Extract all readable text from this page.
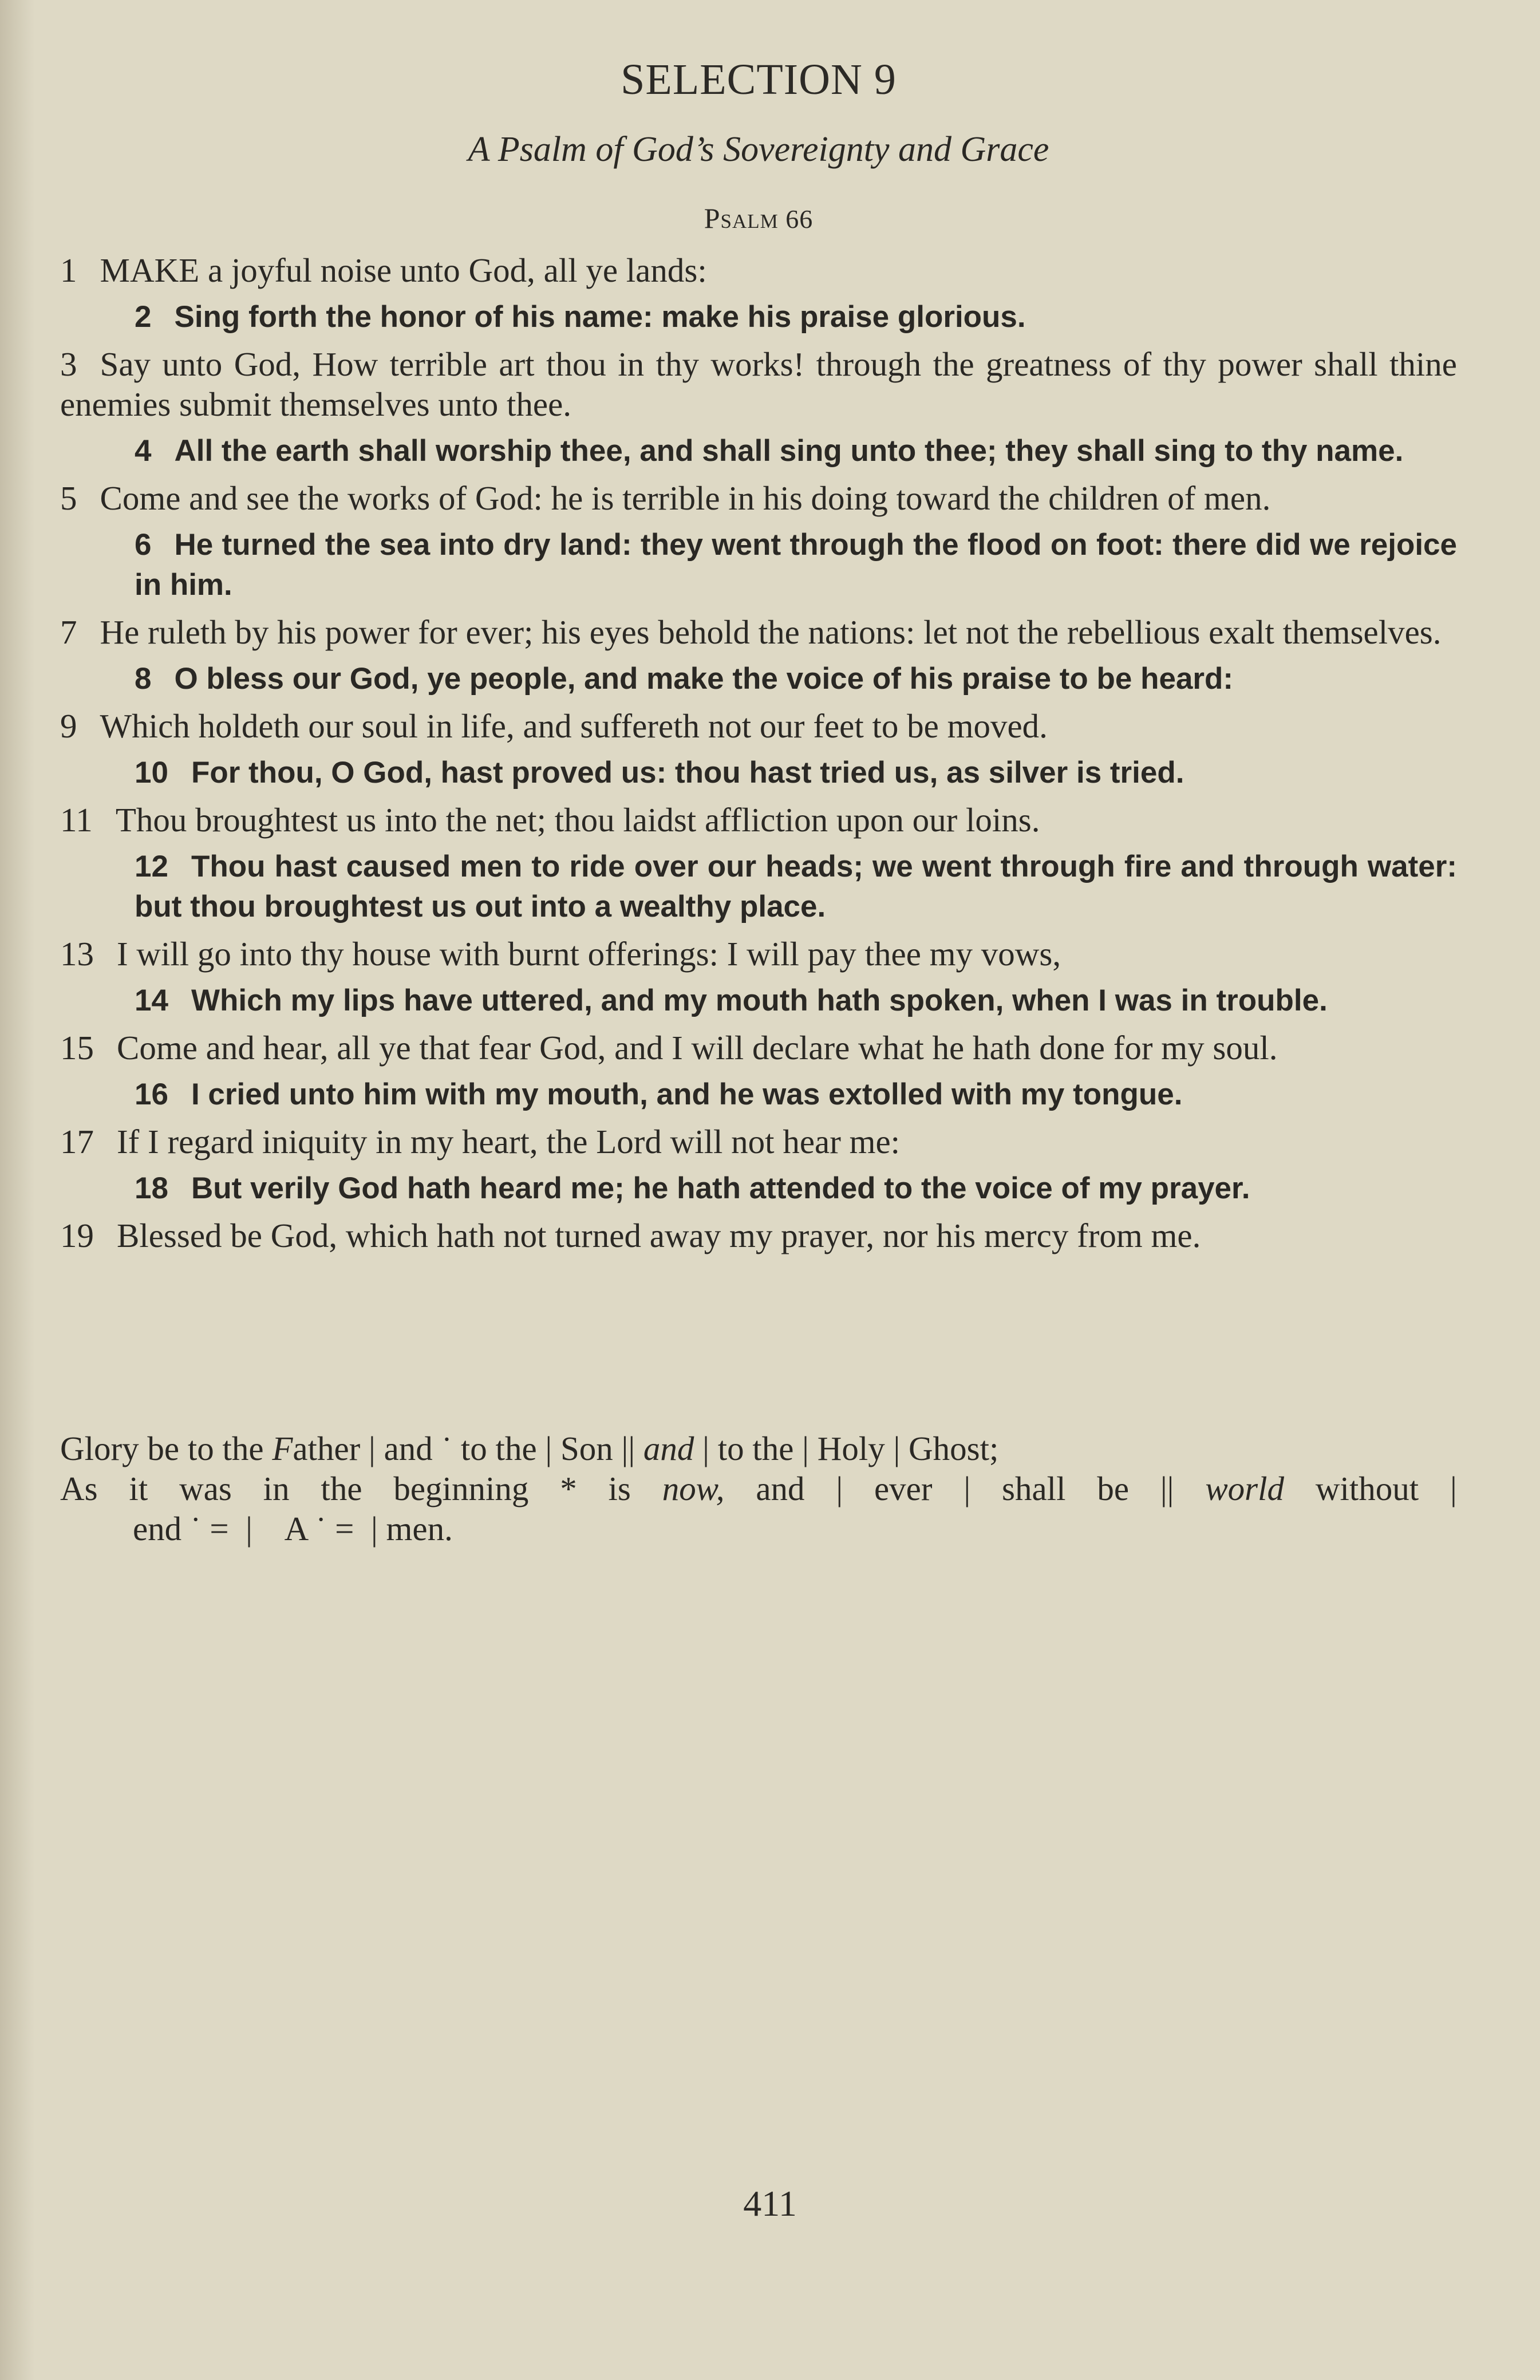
SELECTION 9
A Psalm of God’s Sovereignty and Grace
Psalm 66
1 MAKE a joyful noise unto God, all ye lands:
2 Sing forth the honor of his name: make his praise glorious.
3 Say unto God, How terrible art thou in thy works! through the greatness of thy power shall thine enemies submit themselves unto thee.
4 All the earth shall worship thee, and shall sing unto thee; they shall sing to thy name.
5 Come and see the works of God: he is terrible in his doing toward the children of men.
6 He turned the sea into dry land: they went through the flood on foot: there did we rejoice in him.
7 He ruleth by his power for ever; his eyes behold the nations: let not the rebellious exalt themselves.
8 O bless our God, ye people, and make the voice of his praise to be heard:
9 Which holdeth our soul in life, and suffereth not our feet to be moved.
10 For thou, O God, hast proved us: thou hast tried us, as silver is tried.
11 Thou broughtest us into the net; thou laidst affliction upon our loins.
12 Thou hast caused men to ride over our heads; we went through fire and through water: but thou broughtest us out into a wealthy place.
13 I will go into thy house with burnt offerings: I will pay thee my vows,
14 Which my lips have uttered, and my mouth hath spoken, when I was in trouble.
15 Come and hear, all ye that fear God, and I will declare what he hath done for my soul.
16 I cried unto him with my mouth, and he was extolled with my tongue.
17 If I regard iniquity in my heart, the Lord will not hear me:
18 But verily God hath heard me; he hath attended to the voice of my prayer.
19 Blessed be God, which hath not turned away my prayer, nor his mercy from me.
Glory be to the Father | and ˙ to the | Son || and | to the | Holy | Ghost;
As it was in the beginning * is now, and | ever | shall be || world without |
end ˙ =  |    A ˙ =  | men.
411
